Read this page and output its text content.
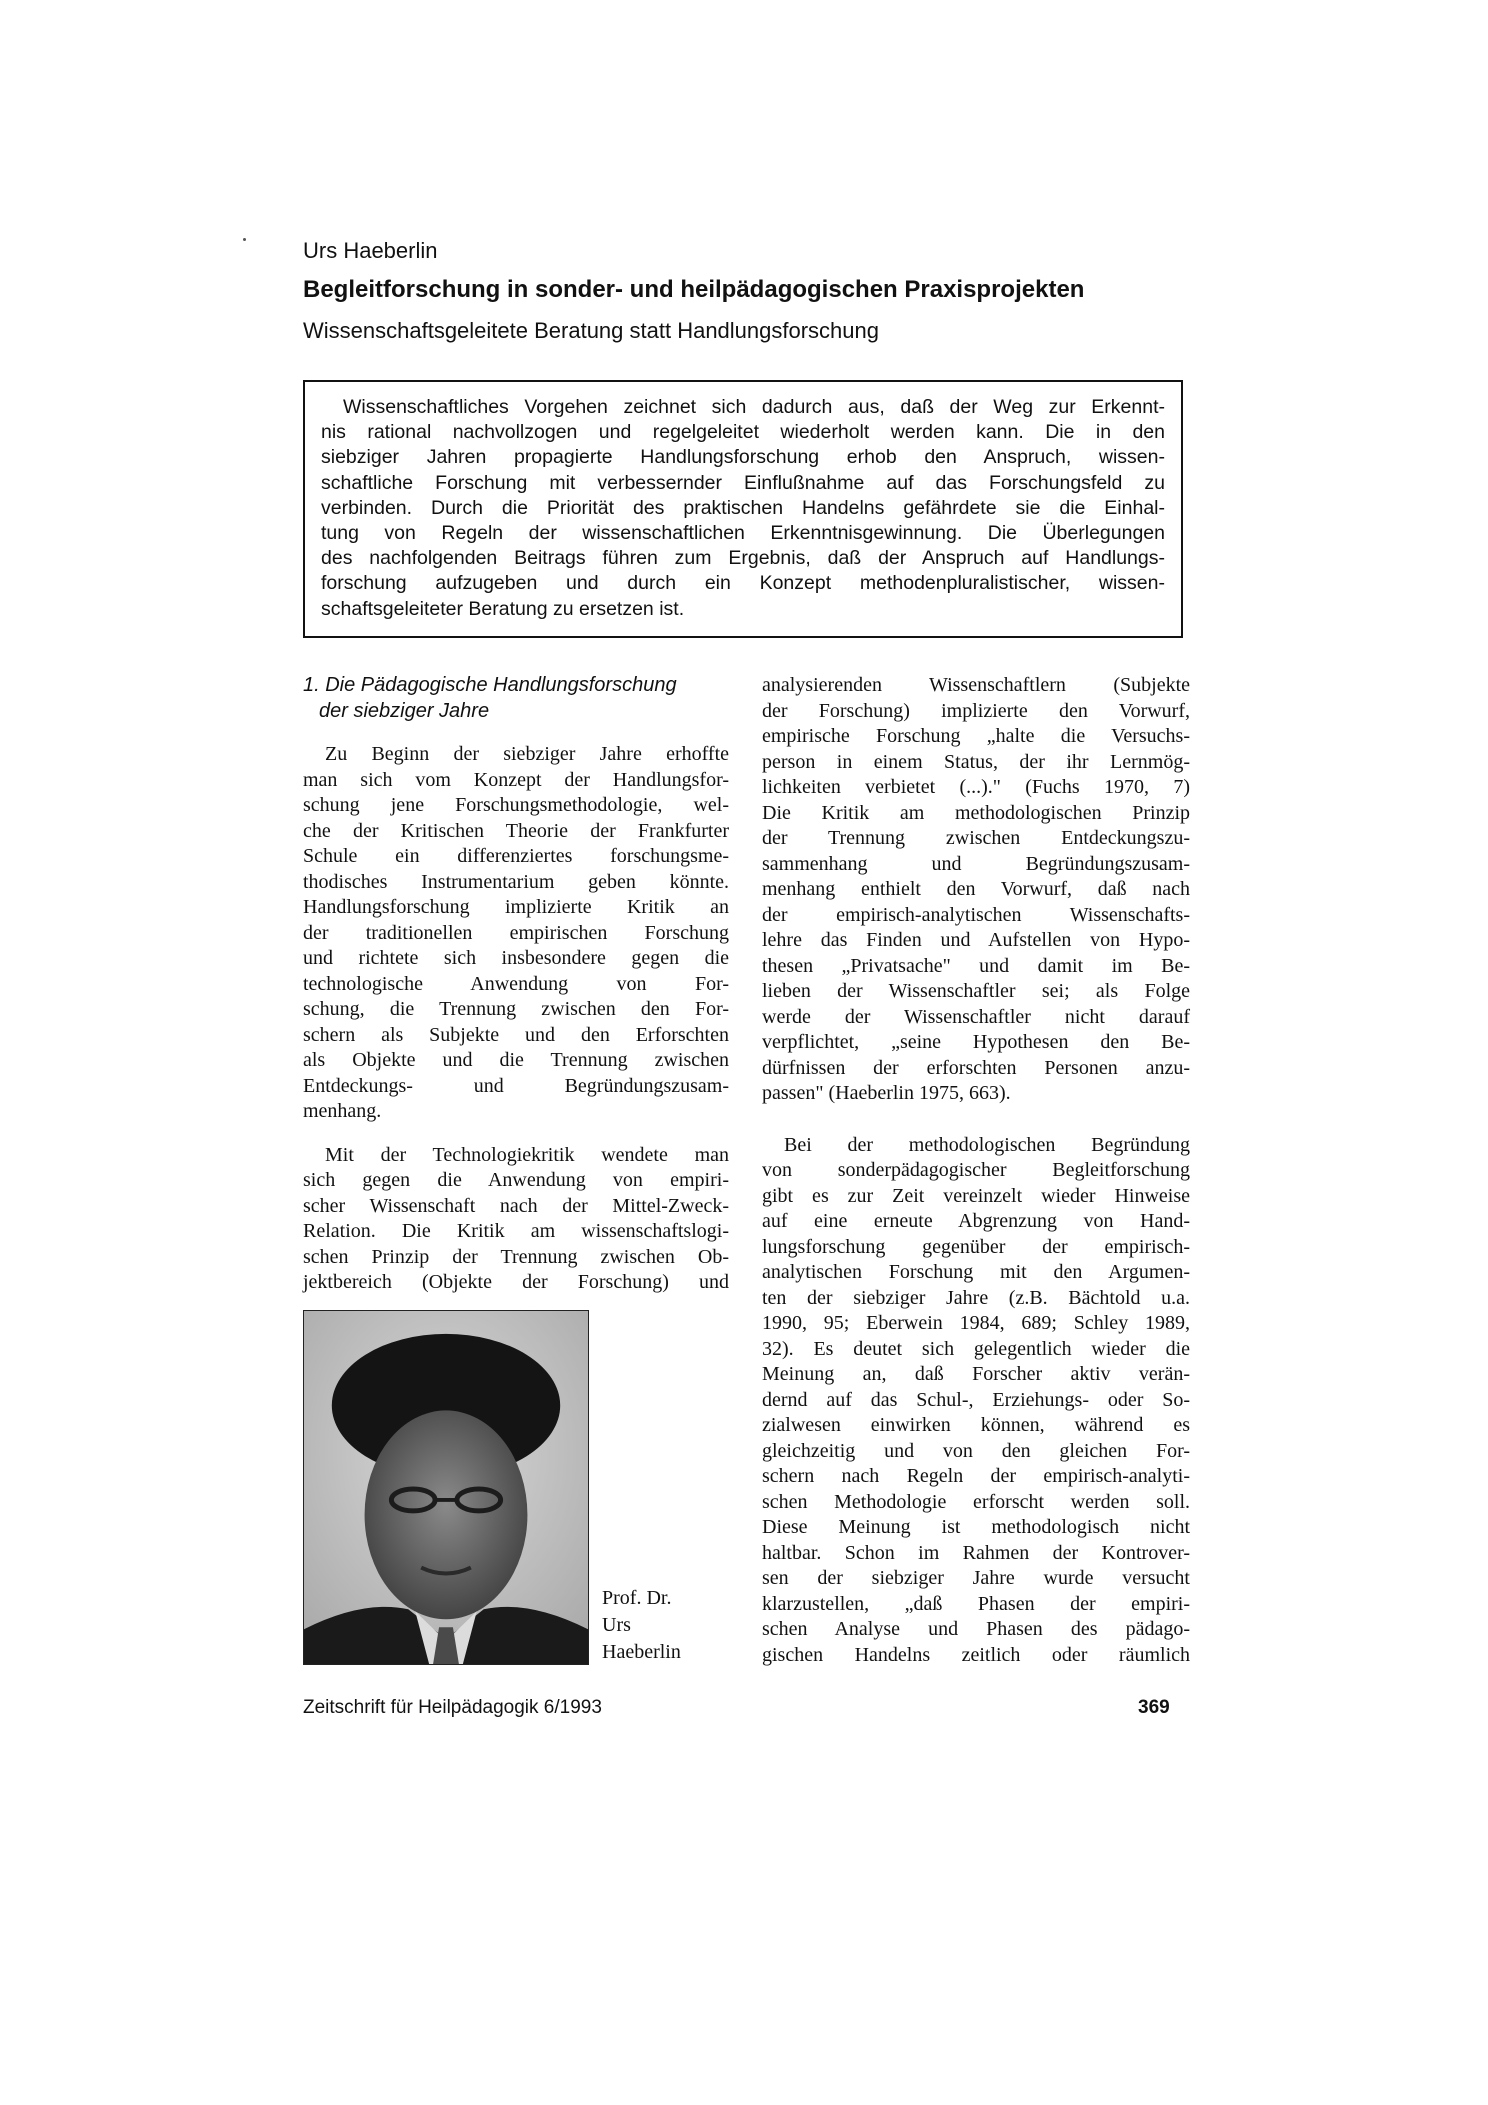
Urs Haeberlin
Begleitforschung in sonder- und heilpädagogischen Praxisprojekten
Wissenschaftsgeleitete Beratung statt Handlungsforschung
Wissenschaftliches Vorgehen zeichnet sich dadurch aus, daß der Weg zur Erkennt-
nis rational nachvollzogen und regelgeleitet wiederholt werden kann. Die in den
siebziger Jahren propagierte Handlungsforschung erhob den Anspruch, wissen-
schaftliche Forschung mit verbessernder Einflußnahme auf das Forschungsfeld zu
verbinden. Durch die Priorität des praktischen Handelns gefährdete sie die Einhal-
tung von Regeln der wissenschaftlichen Erkenntnisgewinnung. Die Überlegungen
des nachfolgenden Beitrags führen zum Ergebnis, daß der Anspruch auf Handlungs-
forschung aufzugeben und durch ein Konzept methodenpluralistischer, wissen-
schaftsgeleiteter Beratung zu ersetzen ist.
1. Die Pädagogische Handlungsforschung
der siebziger Jahre
Zu Beginn der siebziger Jahre erhoffte
man sich vom Konzept der Handlungsfor-
schung jene Forschungsmethodologie, wel-
che der Kritischen Theorie der Frankfurter
Schule ein differenziertes forschungsme-
thodisches Instrumentarium geben könnte.
Handlungsforschung implizierte Kritik an
der traditionellen empirischen Forschung
und richtete sich insbesondere gegen die
technologische Anwendung von For-
schung, die Trennung zwischen den For-
schern als Subjekte und den Erforschten
als Objekte und die Trennung zwischen
Entdeckungs- und Begründungszusam-
menhang.
Mit der Technologiekritik wendete man
sich gegen die Anwendung von empiri-
scher Wissenschaft nach der Mittel-Zweck-
Relation. Die Kritik am wissenschaftslogi-
schen Prinzip der Trennung zwischen Ob-
jektbereich (Objekte der Forschung) und
Prof. Dr.
Urs
Haeberlin
analysierenden Wissenschaftlern (Subjekte
der Forschung) implizierte den Vorwurf,
empirische Forschung „halte die Versuchs-
person in einem Status, der ihr Lernmög-
lichkeiten verbietet (...)." (Fuchs 1970, 7)
Die Kritik am methodologischen Prinzip
der Trennung zwischen Entdeckungszu-
sammenhang und Begründungszusam-
menhang enthielt den Vorwurf, daß nach
der empirisch-analytischen Wissenschafts-
lehre das Finden und Aufstellen von Hypo-
thesen „Privatsache" und damit im Be-
lieben der Wissenschaftler sei; als Folge
werde der Wissenschaftler nicht darauf
verpflichtet, „seine Hypothesen den Be-
dürfnissen der erforschten Personen anzu-
passen" (Haeberlin 1975, 663).
Bei der methodologischen Begründung
von sonderpädagogischer Begleitforschung
gibt es zur Zeit vereinzelt wieder Hinweise
auf eine erneute Abgrenzung von Hand-
lungsforschung gegenüber der empirisch-
analytischen Forschung mit den Argumen-
ten der siebziger Jahre (z.B. Bächtold u.a.
1990, 95; Eberwein 1984, 689; Schley 1989,
32). Es deutet sich gelegentlich wieder die
Meinung an, daß Forscher aktiv verän-
dernd auf das Schul-, Erziehungs- oder So-
zialwesen einwirken können, während es
gleichzeitig und von den gleichen For-
schern nach Regeln der empirisch-analyti-
schen Methodologie erforscht werden soll.
Diese Meinung ist methodologisch nicht
haltbar. Schon im Rahmen der Kontrover-
sen der siebziger Jahre wurde versucht
klarzustellen, „daß Phasen der empiri-
schen Analyse und Phasen des pädago-
gischen Handelns zeitlich oder räumlich
Zeitschrift für Heilpädagogik 6/1993	369
